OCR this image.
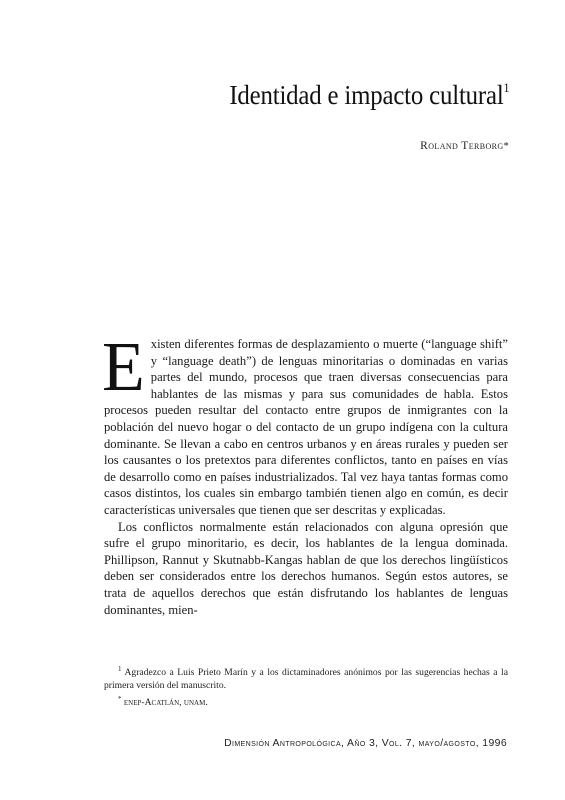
Identidad e impacto cultural$^1$
Roland Terborg*

Existen diferentes formas de desplazamiento o muerte (“language shift” y “language death”) de lenguas minoritarias o dominadas en varias partes del mundo, procesos que traen diversas consecuencias para hablantes de las mismas y para sus comunidades de habla. Estos procesos pueden resultar del contacto entre grupos de inmigrantes con la población del nuevo hogar o del contacto de un grupo indígena con la cultura dominante. Se llevan a cabo en centros urbanos y en áreas rurales y pueden ser los causantes o los pretextos para diferentes conflictos, tanto en países en vías de desarrollo como en países industrializados. Tal vez haya tantas formas como casos distintos, los cuales sin embargo también tienen algo en común, es decir características universales que tienen que ser descritas y explicadas.

Los conflictos normalmente están relacionados con alguna opresión que sufre el grupo minoritario, es decir, los hablantes de la lengua dominada. Phillipson, Rannut y Skutnabb-Kangas hablan de que los derechos lingüísticos deben ser considerados entre los derechos humanos. Según estos autores, se trata de aquellos derechos que están disfrutando los hablantes de lenguas dominantes, mien-

$^1$ Agradezco a Luis Prieto Marín y a los dictaminadores anónimos por las sugerencias hechas a la primera versión del manuscrito.

* enep-Acatlán, unam.

Dimensión Antropológica, Año 3, Vol. 7, mayo/agosto, 1996
